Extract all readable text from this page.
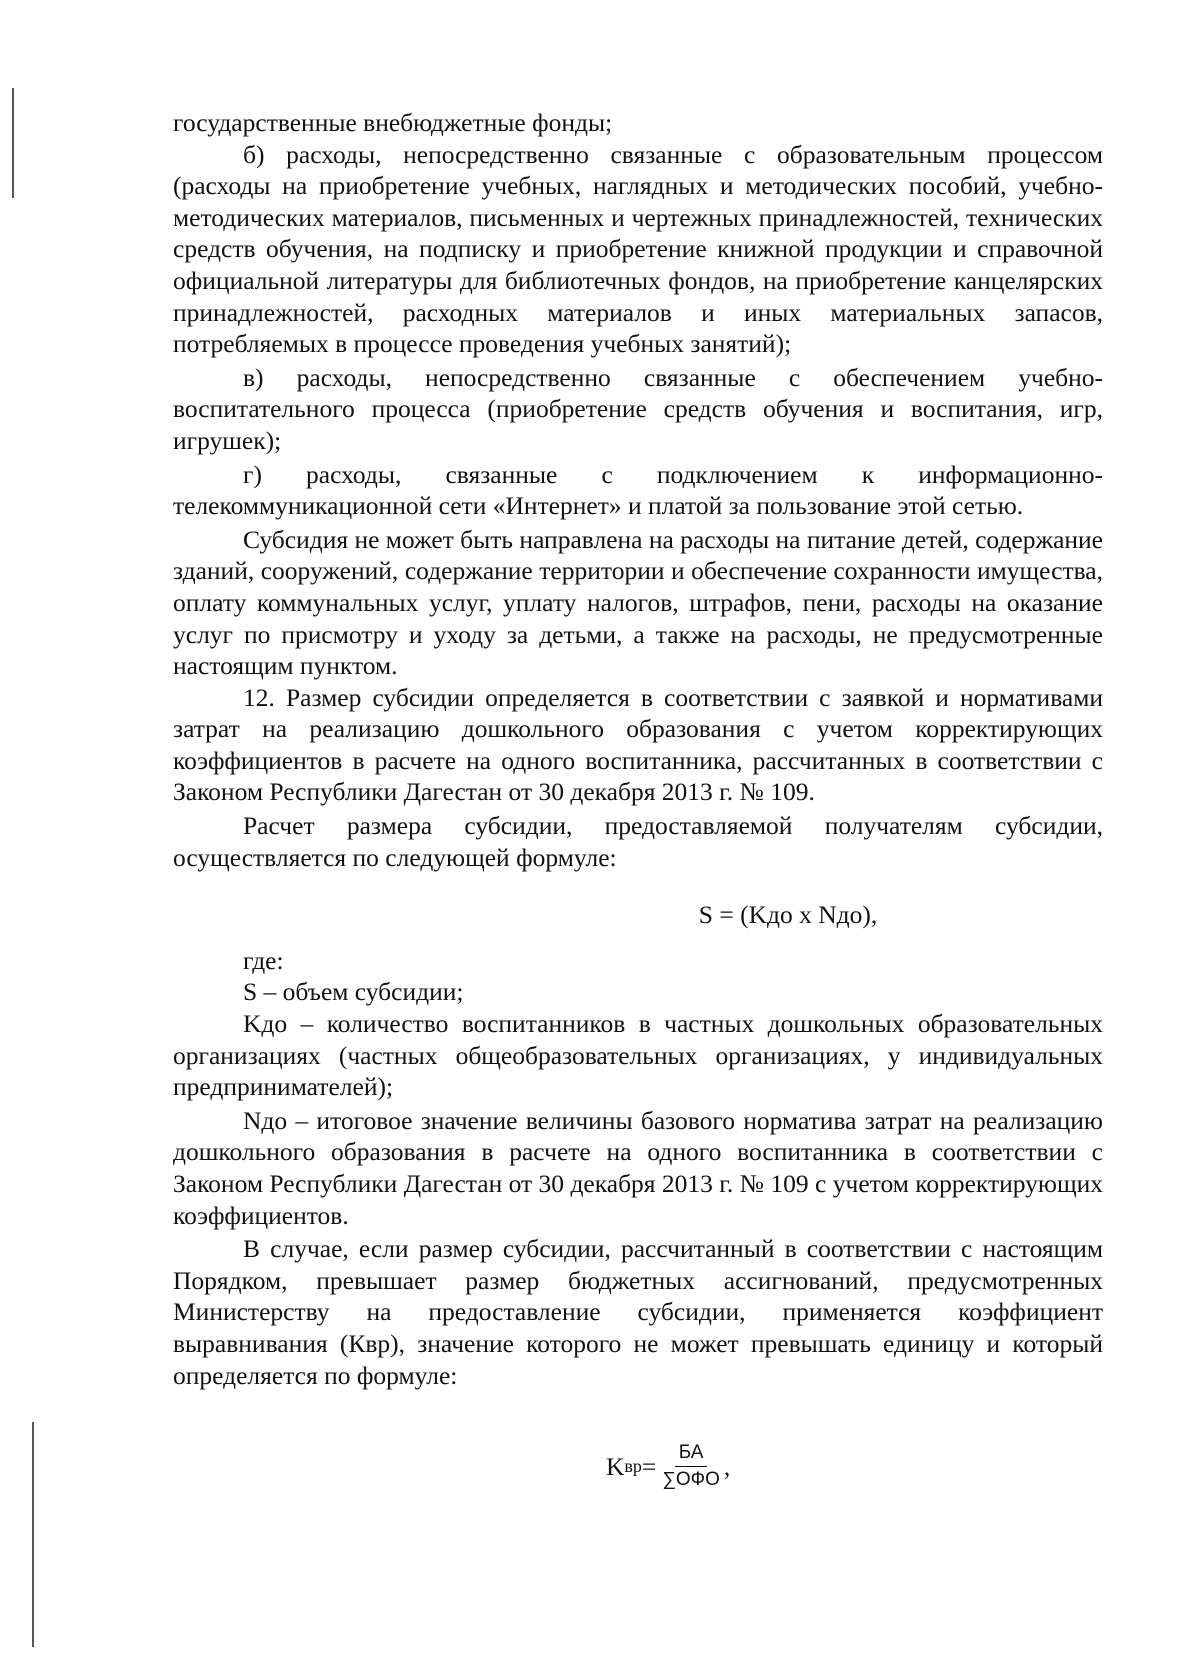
государственные внебюджетные фонды;

б) расходы, непосредственно связанные с образовательным процессом (расходы на приобретение учебных, наглядных и методических пособий, учебно-методических материалов, письменных и чертежных принадлежностей, технических средств обучения, на подписку и приобретение книжной продукции и справочной официальной литературы для библиотечных фондов, на приобретение канцелярских принадлежностей, расходных материалов и иных материальных запасов, потребляемых в процессе проведения учебных занятий);

в) расходы, непосредственно связанные с обеспечением учебно-воспитательного процесса (приобретение средств обучения и воспитания, игр, игрушек);

г) расходы, связанные с подключением к информационно-телекоммуникационной сети «Интернет» и платой за пользование этой сетью.

Субсидия не может быть направлена на расходы на питание детей, содержание зданий, сооружений, содержание территории и обеспечение сохранности имущества, оплату коммунальных услуг, уплату налогов, штрафов, пени, расходы на оказание услуг по присмотру и уходу за детьми, а также на расходы, не предусмотренные настоящим пунктом.

12. Размер субсидии определяется в соответствии с заявкой и нормативами затрат на реализацию дошкольного образования с учетом корректирующих коэффициентов в расчете на одного воспитанника, рассчитанных в соответствии с Законом Республики Дагестан от 30 декабря 2013 г. № 109.

Расчет размера субсидии, предоставляемой получателям субсидии, осуществляется по следующей формуле:

S = (Kдо x Nдо),

где:

S – объем субсидии;

Kдо – количество воспитанников в частных дошкольных образовательных организациях (частных общеобразовательных организациях, у индивидуальных предпринимателей);

Nдо – итоговое значение величины базового норматива затрат на реализацию дошкольного образования в расчете на одного воспитанника в соответствии с Законом Республики Дагестан от 30 декабря 2013 г. № 109 с учетом корректирующих коэффициентов.

В случае, если размер субсидии, рассчитанный в соответствии с настоящим Порядком, превышает размер бюджетных ассигнований, предусмотренных Министерству на предоставление субсидии, применяется коэффициент выравнивания (Квр), значение которого не может превышать единицу и который определяется по формуле:

K вр = $\frac{БА}{\text{∑ОФО}}$ ,
